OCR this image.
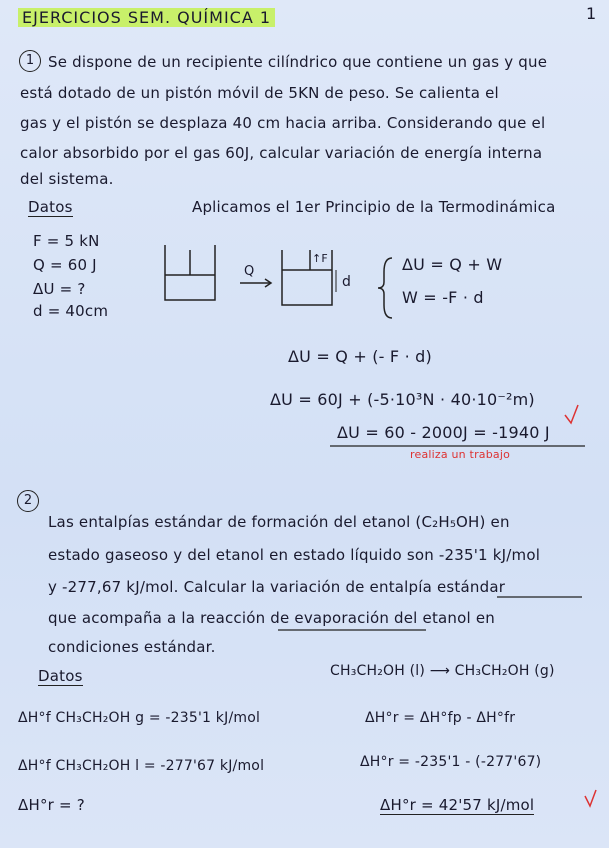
EJERCICIOS SEM. QUÍMICA 1	1
1 Se dispone de un recipiente cilíndrico que contiene un gas y que
está dotado de un pistón móvil de 5KN de peso. Se calienta el
gas y el pistón se desplaza 40 cm hacia arriba. Considerando que el
calor absorbido por el gas 60J, calcular variación de energía interna
del sistema.
Datos	Aplicamos el 1er Principio de la Termodinámica
F = 5 kN
Q = 60 J
ΔU = ?
d = 40cm
Q
↑F
d
ΔU = Q + W
W = -F · d
ΔU = Q + (- F · d)
ΔU = 60J + (-5·10³N · 40·10⁻²m)
ΔU = 60 - 2000J = -1940 J
realiza un trabajo
2
Las entalpías estándar de formación del etanol (C₂H₅OH) en
estado gaseoso y del etanol en estado líquido son -235'1 kJ/mol
y -277,67 kJ/mol. Calcular la variación de entalpía estándar
que acompaña a la reacción de evaporación del etanol en
condiciones estándar.
Datos	CH₃CH₂OH (l) ⟶ CH₃CH₂OH (g)
ΔH°f CH₃CH₂OH g = -235'1 kJ/mol
ΔH°f CH₃CH₂OH l = -277'67 kJ/mol
ΔH°r = ?
ΔH°r = ΔH°fp - ΔH°fr
ΔH°r = -235'1 - (-277'67)
ΔH°r = 42'57 kJ/mol
